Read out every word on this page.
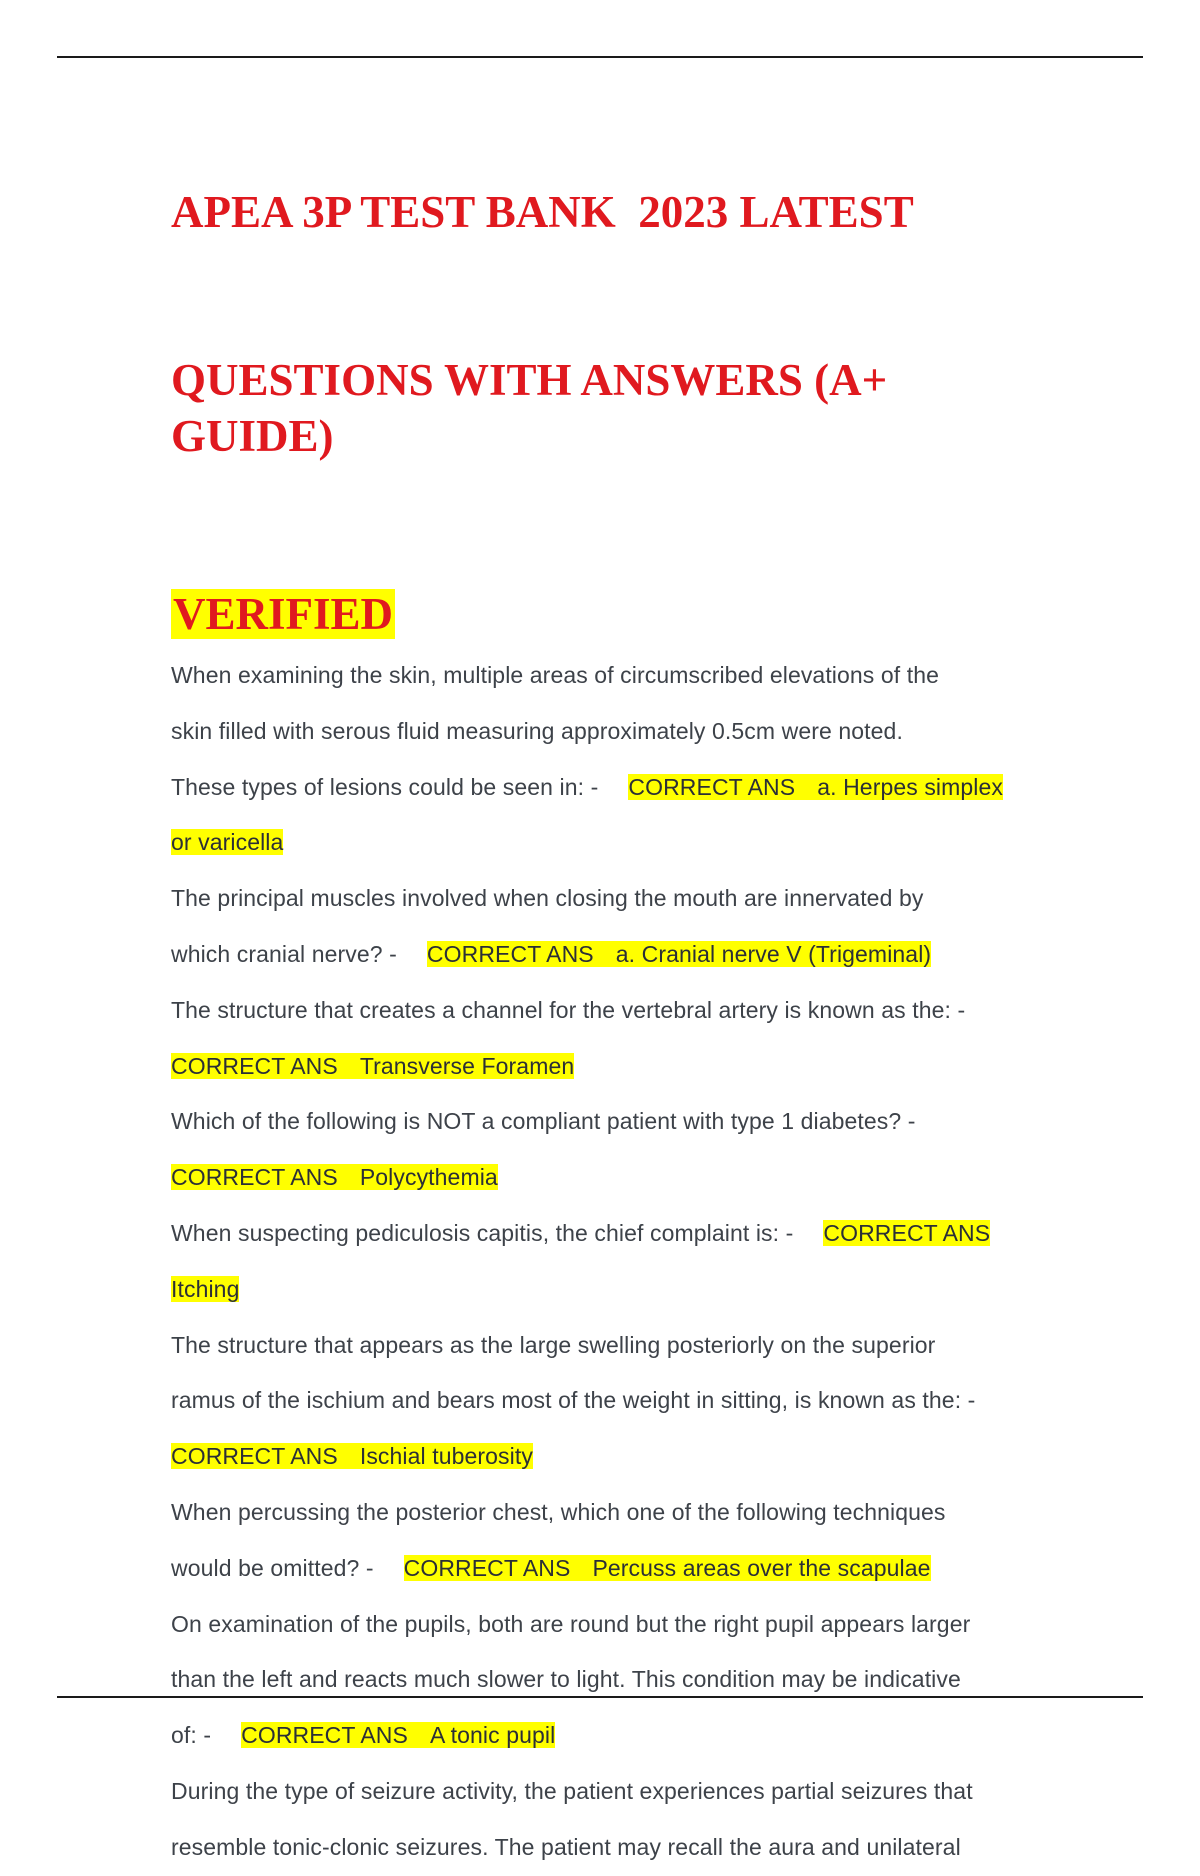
APEA 3P TEST BANK  2023 LATEST

QUESTIONS WITH ANSWERS (A+ GUIDE)

VERIFIED
When examining the skin, multiple areas of circumscribed elevations of the
skin filled with serous fluid measuring approximately 0.5cm were noted.
These types of lesions could be seen in: - CORRECT ANS a. Herpes simplex
or varicella
The principal muscles involved when closing the mouth are innervated by
which cranial nerve? - CORRECT ANS a. Cranial nerve V (Trigeminal)
The structure that creates a channel for the vertebral artery is known as the: -
CORRECT ANS Transverse Foramen
Which of the following is NOT a compliant patient with type 1 diabetes? -
CORRECT ANS Polycythemia
When suspecting pediculosis capitis, the chief complaint is: - CORRECT ANS
Itching
The structure that appears as the large swelling posteriorly on the superior
ramus of the ischium and bears most of the weight in sitting, is known as the: -
CORRECT ANS Ischial tuberosity
When percussing the posterior chest, which one of the following techniques
would be omitted? - CORRECT ANS Percuss areas over the scapulae
On examination of the pupils, both are round but the right pupil appears larger
than the left and reacts much slower to light. This condition may be indicative
of: - CORRECT ANS A tonic pupil
During the type of seizure activity, the patient experiences partial seizures that
resemble tonic-clonic seizures. The patient may recall the aura and unilateral
